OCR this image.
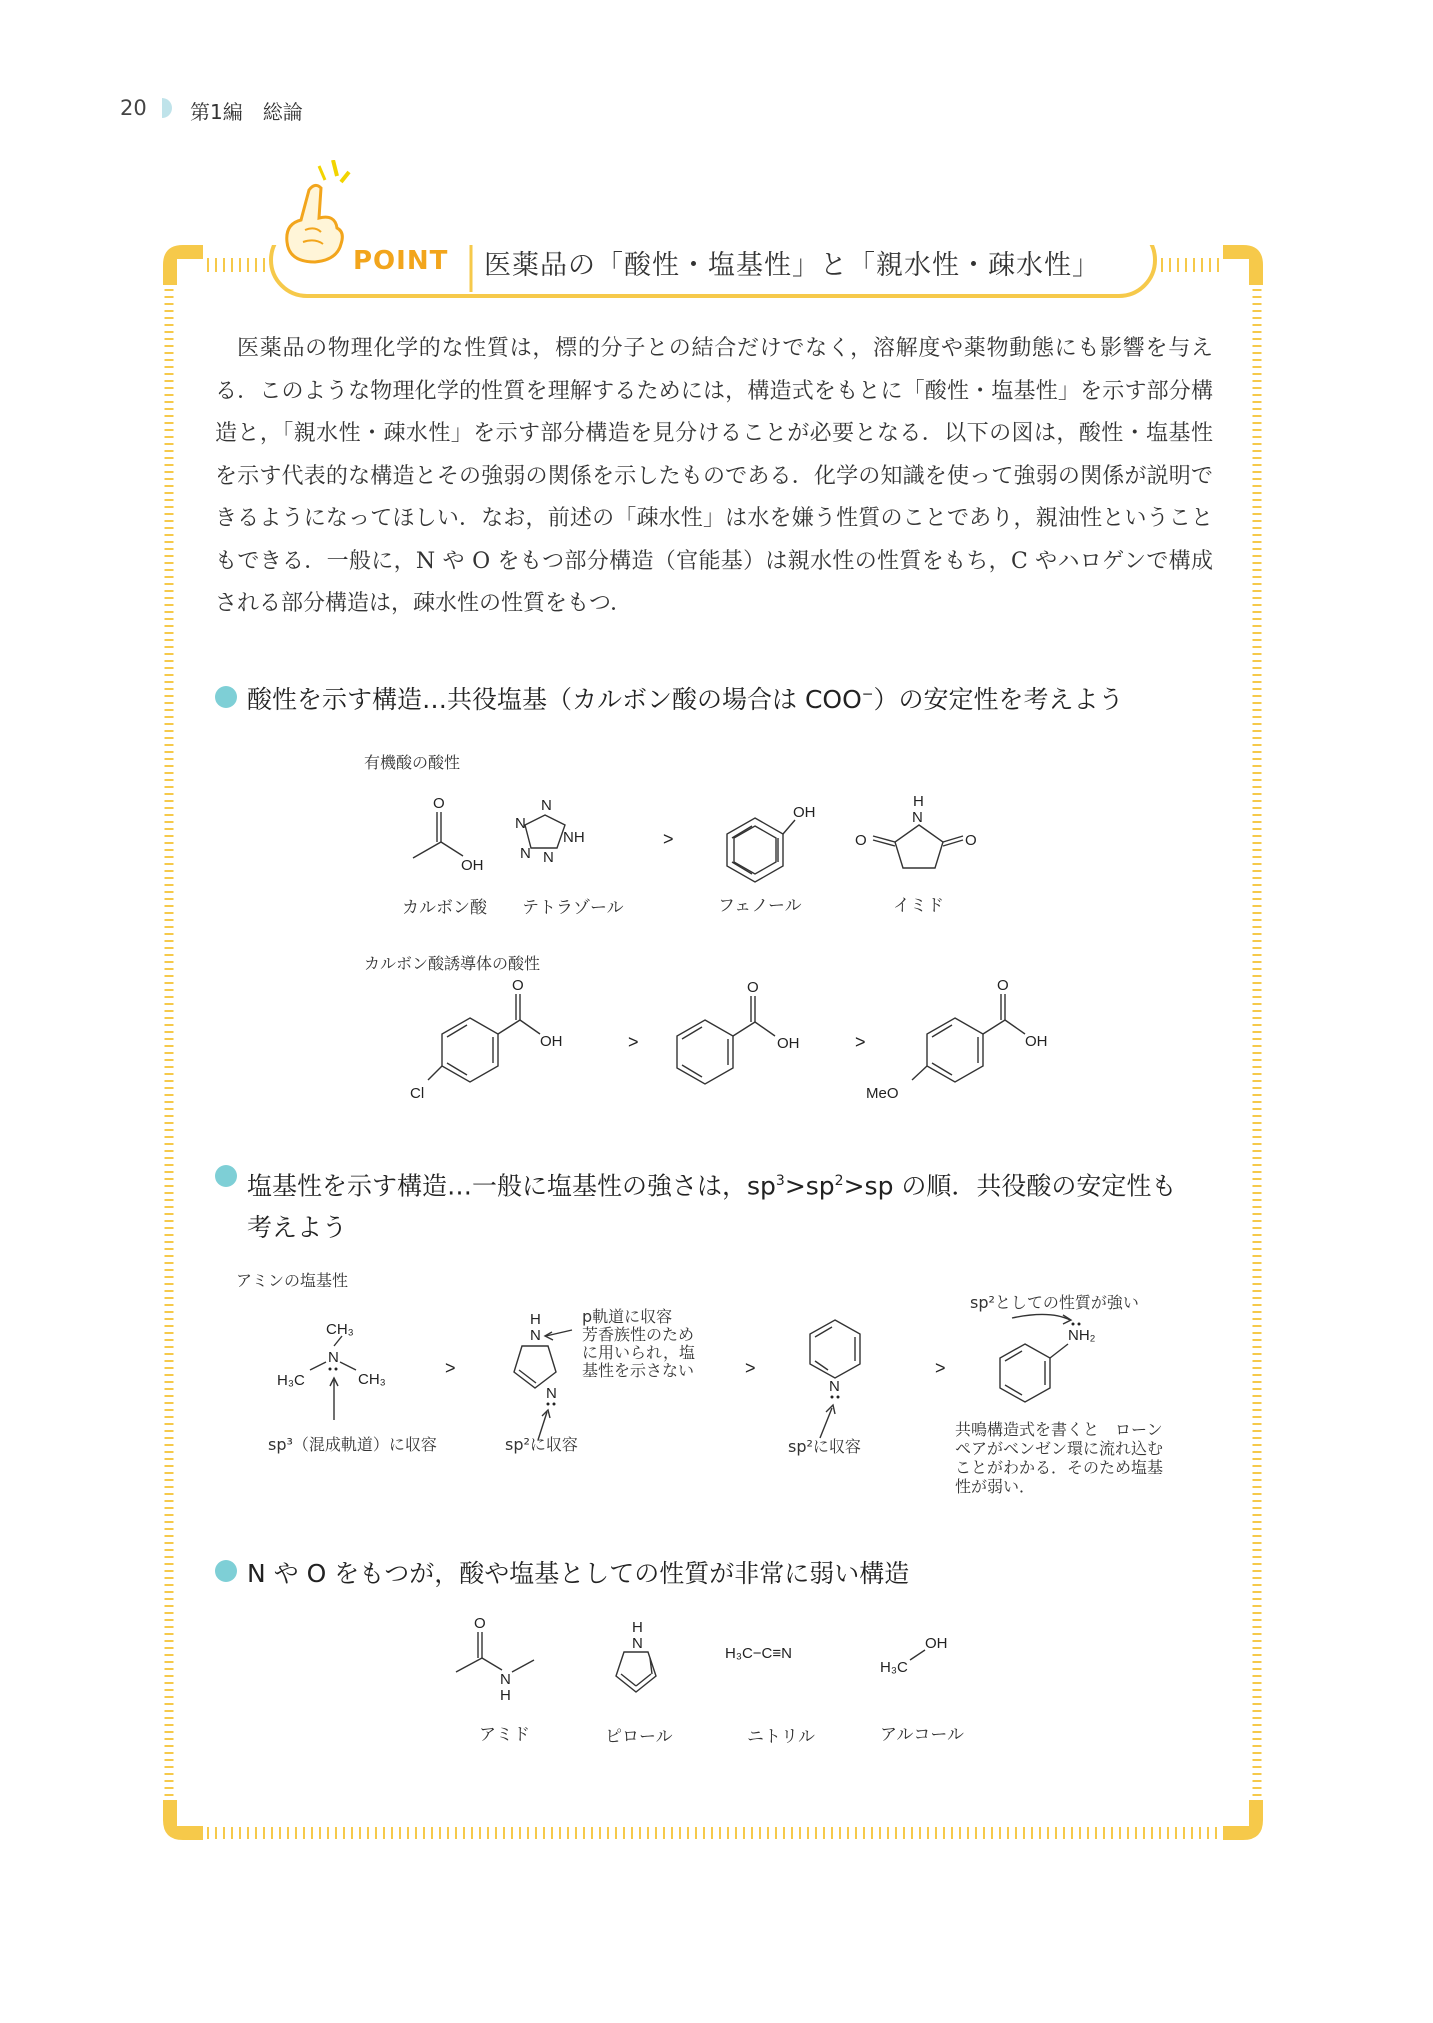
20 第1編　総論
POINT 医薬品の「酸性・塩基性」と「親水性・疎水性」

医薬品の物理化学的な性質は，標的分子との結合だけでなく，溶解度や薬物動態にも影響を与える．このような物理化学的性質を理解するためには，構造式をもとに「酸性・塩基性」を示す部分構造と，「親水性・疎水性」を示す部分構造を見分けることが必要となる．以下の図は，酸性・塩基性を示す代表的な構造とその強弱の関係を示したものである．化学の知識を使って強弱の関係が説明できるようになってほしい．なお，前述の「疎水性」は水を嫌う性質のことであり，親油性ということもできる．一般に，N や O をもつ部分構造（官能基）は親水性の性質をもち，C やハロゲンで構成される部分構造は，疎水性の性質をもつ．

酸性を示す構造…共役塩基（カルボン酸の場合は COO−）の安定性を考えよう
有機酸の酸性
O
OH
N
N
N N
NH	>
OH
H
N
O	O
カルボン酸 テトラゾール	フェノール	イミド
カルボン酸誘導体の酸性
O
OH
Cl
>
O
OH	>
O
OH
MeO
塩基性を示す構造…一般に塩基性の強さは，$sp^3>sp^2>sp$ の順．共役酸の安定性も
考えよう
アミンの塩基性
N
CH₃
H₃C	CH₃
>
H
N
N
>
N
>
NH₂
sp³（混成軌道）に収容	sp²に収容
p軌道に収容
芳香族性のため
に用いられ，塩
基性を示さない
sp²に収容
sp²としての性質が強い
共鳴構造式を書くと　ローン
ペアがベンゼン環に流れ込む
ことがわかる．そのため塩基
性が弱い．
N や O をもつが，酸や塩基としての性質が非常に弱い構造
O
N
H
H
N
H₃C−C≡N
H₃C
OH
アミド	ピロール	ニトリル	アルコール
